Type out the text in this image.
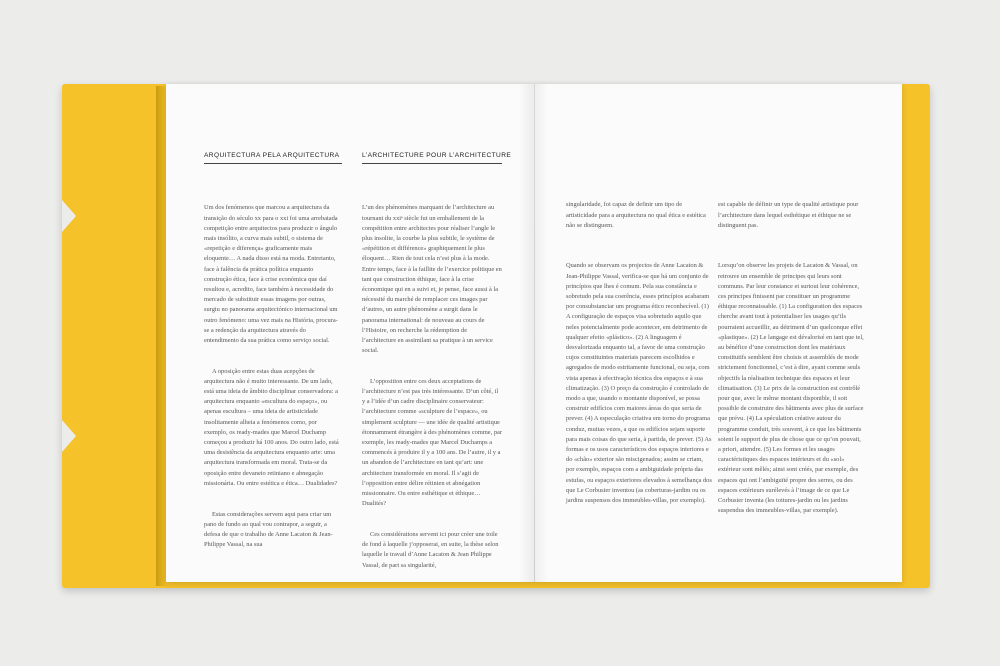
ARQUITECTURA PELA ARQUITECTURA

Um dos fenómenos que marcou a arquitectura da transição do século xx para o xxi foi uma arrebatada competição entre arquitectos para produzir o ângulo mais insólito, a curva mais subtil, o sistema de «repetição e diferença» graficamente mais eloquente… A nada disso está na moda. Entretanto, face à falência da prática política enquanto construção ética, face à crise económica que daí resultou e, acredito, face também à necessidade do mercado de substituir essas imagens por outras, surgiu no panorama arquitectónico internacional um outro fenómeno: uma vez mais na História, procura-se a redenção da arquitectura através do entendimento da sua prática como serviço social.

A oposição entre estas duas acepções de arquitectura não é muito interessante. De um lado, está uma ideia de âmbito disciplinar conservadora: a arquitectura enquanto «escultura do espaço», ou apenas escultura – uma ideia de artisticidade insolitamente alheia a fenómenos como, por exemplo, os ready-mades que Marcel Duchamp começou a produzir há 100 anos. Do outro lado, está uma desistência da arquitectura enquanto arte: uma arquitectura transformada em moral. Trata-se da oposição entre devaneio retiniano e abnegação missionária. Ou entre estética e ética… Dualidades?

Estas considerações servem aqui para criar um pano de fundo ao qual vou contrapor, a seguir, a defesa de que o trabalho de Anne Lacaton & Jean-Philippe Vassal, na sua

L’ARCHITECTURE POUR L’ARCHITECTURE

L’un des phénomènes marquant de l’architecture au tournant du xxiᵉ siècle fut un emballement de la compétition entre architectes pour réaliser l’angle le plus insolite, la courbe la plus subtile, le système de «répétition et différence» graphiquement le plus éloquent… Rien de tout cela n’est plus à la mode. Entre temps, face à la faillite de l’exercice politique en tant que construction éthique, face à la crise économique qui en a suivi et, je pense, face aussi à la nécessité du marché de remplacer ces images par d’autres, un autre phénomène a surgit dans le panorama international: de nouveau au cours de l’Histoire, on recherche la rédemption de l’architecture en assimilant sa pratique à un service social.

L’opposition entre ces deux acceptations de l’architecture n’est pas très intéressante. D’un côté, il y a l’idée d’un cadre disciplinaire conservateur: l’architecture comme «sculpture de l’espace», ou simplement sculpture — une idée de qualité artistique étonnamment étrangère à des phénomènes comme, par exemple, les ready-mades que Marcel Duchamps a commencés à produire il y a 100 ans. De l’autre, il y a un abandon de l’architecture en tant qu’art: une architecture transformée en moral. Il s’agit de l’opposition entre délire rétinien et abnégation missionnaire. Ou entre esthétique et éthique… Dualités?

Ces considérations servent ici pour créer une toile de fond à laquelle j’opposerai, en suite, la thèse selon laquelle le travail d’Anne Lacaton & Jean Philippe Vassal, de part sa singularité,

singularidade, foi capaz de definir um tipo de artisticidade para a arquitectura no qual ética e estética não se distinguem.

Quando se observam os projectos de Anne Lacaton & Jean-Philippe Vassal, verifica-se que há um conjunto de princípios que lhes é comum. Pela sua constância e sobretudo pela sua coerência, esses princípios acabaram por consubstanciar um programa ético reconhecível. (1) A configuração de espaços visa sobretudo aquilo que neles potencialmente pode acontecer, em detrimento de qualquer efeito «plástico». (2) A linguagem é desvalorizada enquanto tal, a favor de uma construção cujos constituintes materiais parecem escolhidos e agregados de modo estritamente funcional, ou seja, com vista apenas à efectivação técnica dos espaços e à sua climatização. (3) O preço da construção é controlado de modo a que, usando o montante disponível, se possa construir edifícios com maiores áreas do que seria de prever. (4) A especulação criativa em torno do programa conduz, muitas vezes, a que os edifícios sejam suporte para mais coisas do que seria, à partida, de prever. (5) As formas e os usos característicos dos espaços interiores e do «chão» exterior são miscigenados; assim se criam, por exemplo, espaços com a ambiguidade própria das estufas, ou espaços exteriores elevados à semelhança dos que Le Corbusier inventou (as coberturas-jardim ou os jardins suspensos dos immeubles-villas, por exemplo).

est capable de définir un type de qualité artistique pour l’architecture dans lequel esthétique et éthique ne se distinguent pas.

Lorsqu’on observe les projets de Lacaton & Vassal, on retrouve un ensemble de principes qui leurs sont communs. Par leur constance et surtout leur cohérence, ces principes finissent par constituer un programme éthique reconnaissable. (1) La configuration des espaces cherche avant tout à potentialiser les usages qu’ils pourraient accueillir, au détriment d’un quelconque effet «plastique». (2) Le langage est dévalorisé en tant que tel, au bénéfice d’une construction dont les matériaux constitutifs semblent être choisis et assemblés de mode strictement fonctionnel, c’est à dire, ayant comme seuls objectifs la réalisation technique des espaces et leur climatisation. (3) Le prix de la construction est contrôlé pour que, avec le même montant disponible, il soit possible de construire des bâtiments avec plus de surface que prévu. (4) La spéculation créative autour du programme conduit, très souvent, à ce que les bâtiments soient le support de plus de chose que ce qu’on pouvait, a priori, attendre. (5) Les formes et les usages caractéristiques des espaces intérieurs et du «sol» extérieur sont mêlés; ainsi sont créés, par exemple, des espaces qui ont l’ambiguïté propre des serres, ou des espaces extérieurs surélevés à l’image de ce que Le Corbusier inventa (les toitures-jardin ou les jardins suspendus des immeubles-villas, par exemple).
